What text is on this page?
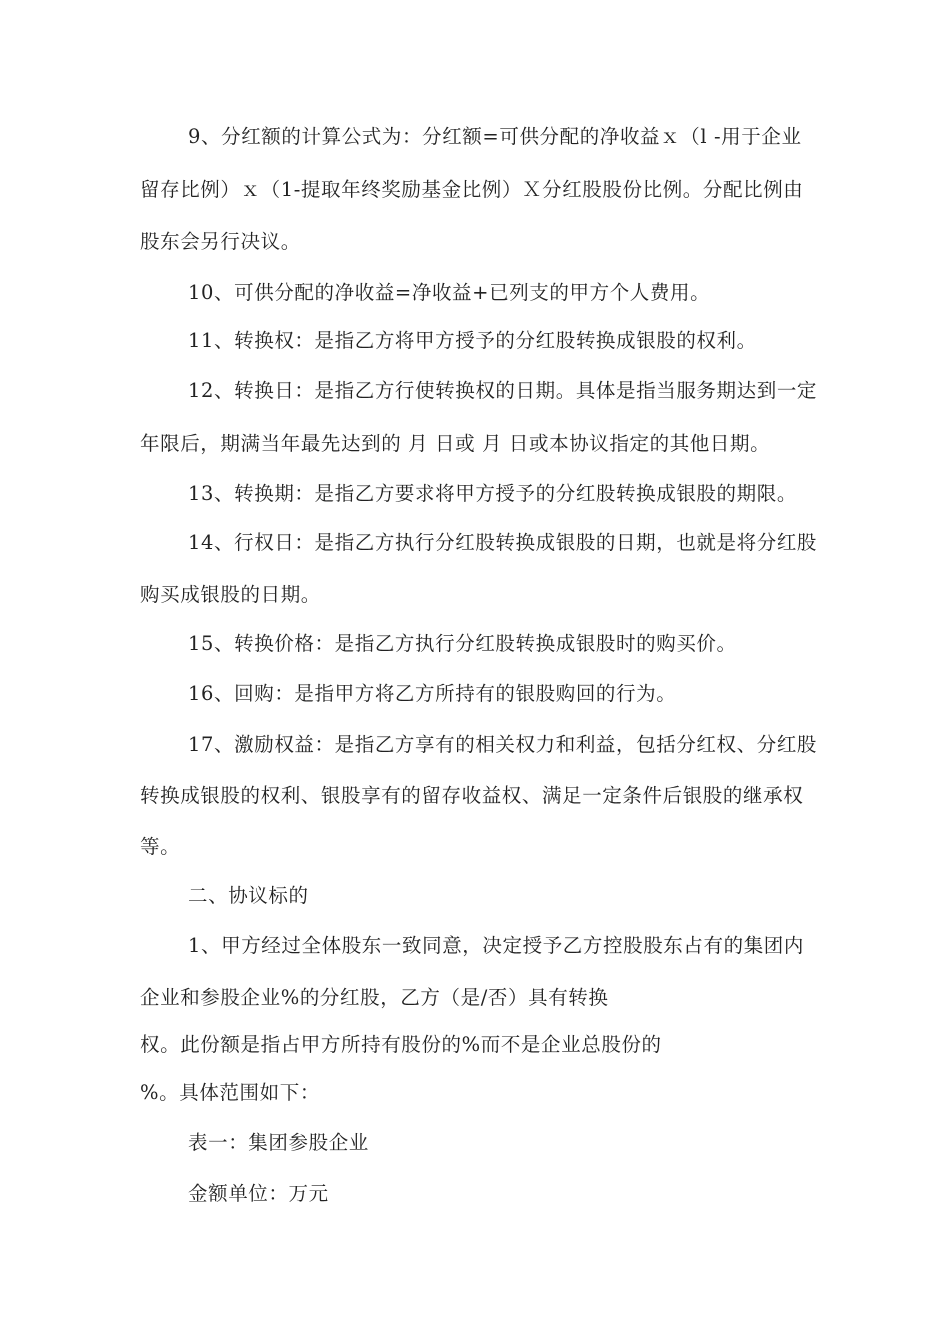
9、分红额的计算公式为：分红额=可供分配的净收益ｘ（l -用于企业
留存比例）ｘ（1-提取年终奖励基金比例）Ｘ分红股股份比例。分配比例由
股东会另行决议。
10、可供分配的净收益=净收益+已列支的甲方个人费用。
11、转换权：是指乙方将甲方授予的分红股转换成银股的权利。
12、转换日：是指乙方行使转换权的日期。具体是指当服务期达到一定
年限后，期满当年最先达到的 月 日或 月 日或本协议指定的其他日期。
13、转换期：是指乙方要求将甲方授予的分红股转换成银股的期限。
14、行权日：是指乙方执行分红股转换成银股的日期，也就是将分红股
购买成银股的日期。
15、转换价格：是指乙方执行分红股转换成银股时的购买价。
16、回购：是指甲方将乙方所持有的银股购回的行为。
17、激励权益：是指乙方享有的相关权力和利益，包括分红权、分红股
转换成银股的权利、银股享有的留存收益权、满足一定条件后银股的继承权
等。
二、协议标的
1、甲方经过全体股东一致同意，决定授予乙方控股股东占有的集团内
企业和参股企业%的分红股，乙方（是/否）具有转换
权。此份额是指占甲方所持有股份的%而不是企业总股份的
%。具体范围如下：
表一：集团参股企业
金额单位：万元
